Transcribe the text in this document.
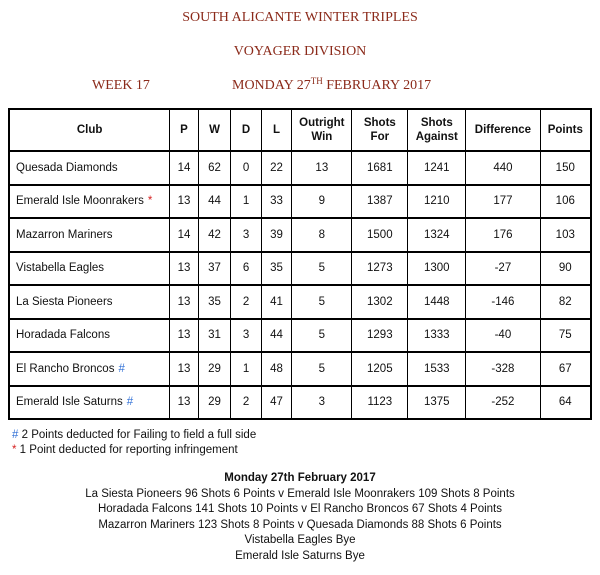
SOUTH ALICANTE WINTER TRIPLES
VOYAGER DIVISION
WEEK 17	MONDAY 27TH FEBRUARY 2017
Club	P	W	D	L	Outright Win	Shots For	Shots Against	Difference	Points
Quesada Diamonds	14	62	0	22	13	1681	1241	440	150
Emerald Isle Moonrakers *	13	44	1	33	9	1387	1210	177	106
Mazarron Mariners	14	42	3	39	8	1500	1324	176	103
Vistabella Eagles	13	37	6	35	5	1273	1300	-27	90
La Siesta Pioneers	13	35	2	41	5	1302	1448	-146	82
Horadada Falcons	13	31	3	44	5	1293	1333	-40	75
El Rancho Broncos #	13	29	1	48	5	1205	1533	-328	67
Emerald Isle Saturns #	13	29	2	47	3	1123	1375	-252	64
# 2 Points deducted for Failing to field a full side
* 1 Point deducted for reporting infringement
Monday 27th February 2017
La Siesta Pioneers 96 Shots 6 Points v Emerald Isle Moonrakers 109 Shots 8 Points
Horadada Falcons 141 Shots 10 Points v El Rancho Broncos 67 Shots 4 Points
Mazarron Mariners 123 Shots 8 Points v Quesada Diamonds 88 Shots 6 Points
Vistabella Eagles Bye
Emerald Isle Saturns Bye
